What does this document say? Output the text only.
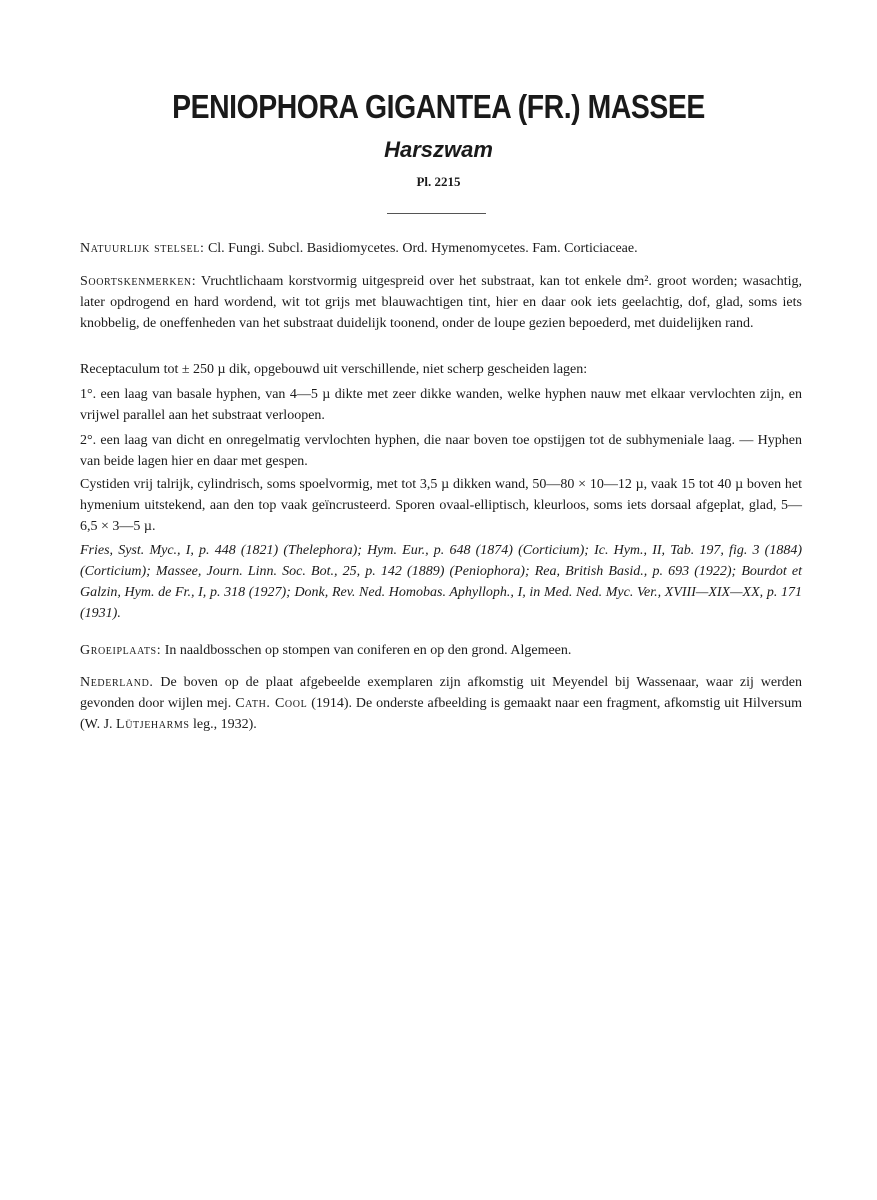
PENIOPHORA GIGANTEA (FR.) MASSEE
Harszwam
Pl. 2215

Natuurlijk stelsel: Cl. Fungi. Subcl. Basidiomycetes. Ord. Hymenomycetes. Fam. Corticiaceae.

Soortskenmerken: Vruchtlichaam korstvormig uitgespreid over het substraat, kan tot enkele dm². groot worden; wasachtig, later opdrogend en hard wordend, wit tot grijs met blauwachtigen tint, hier en daar ook iets geelachtig, dof, glad, soms iets knobbelig, de oneffenheden van het substraat duidelijk toonend, onder de loupe gezien bepoederd, met duidelijken rand.

Receptaculum tot ± 250 µ dik, opgebouwd uit verschillende, niet scherp gescheiden lagen:

1°. een laag van basale hyphen, van 4—5 µ dikte met zeer dikke wanden, welke hyphen nauw met elkaar vervlochten zijn, en vrijwel parallel aan het substraat verloopen.

2°. een laag van dicht en onregelmatig vervlochten hyphen, die naar boven toe opstijgen tot de subhymeniale laag. — Hyphen van beide lagen hier en daar met gespen.

Cystiden vrij talrijk, cylindrisch, soms spoelvormig, met tot 3,5 µ dikken wand, 50—80 × 10—12 µ, vaak 15 tot 40 µ boven het hymenium uitstekend, aan den top vaak geïncrusteerd. Sporen ovaal-elliptisch, kleurloos, soms iets dorsaal afgeplat, glad, 5—6,5 × 3—5 µ.

Fries, Syst. Myc., I, p. 448 (1821) (Thelephora); Hym. Eur., p. 648 (1874) (Corticium); Ic. Hym., II, Tab. 197, fig. 3 (1884) (Corticium); Massee, Journ. Linn. Soc. Bot., 25, p. 142 (1889) (Peniophora); Rea, British Basid., p. 693 (1922); Bourdot et Galzin, Hym. de Fr., I, p. 318 (1927); Donk, Rev. Ned. Homobas. Aphylloph., I, in Med. Ned. Myc. Ver., XVIII—XIX—XX, p. 171 (1931).

Groeiplaats: In naaldbosschen op stompen van coniferen en op den grond. Algemeen.

Nederland. De boven op de plaat afgebeelde exemplaren zijn afkomstig uit Meyendel bij Wassenaar, waar zij werden gevonden door wijlen mej. Cath. Cool (1914). De onderste afbeelding is gemaakt naar een fragment, afkomstig uit Hilversum (W. J. Lütjeharms leg., 1932).
